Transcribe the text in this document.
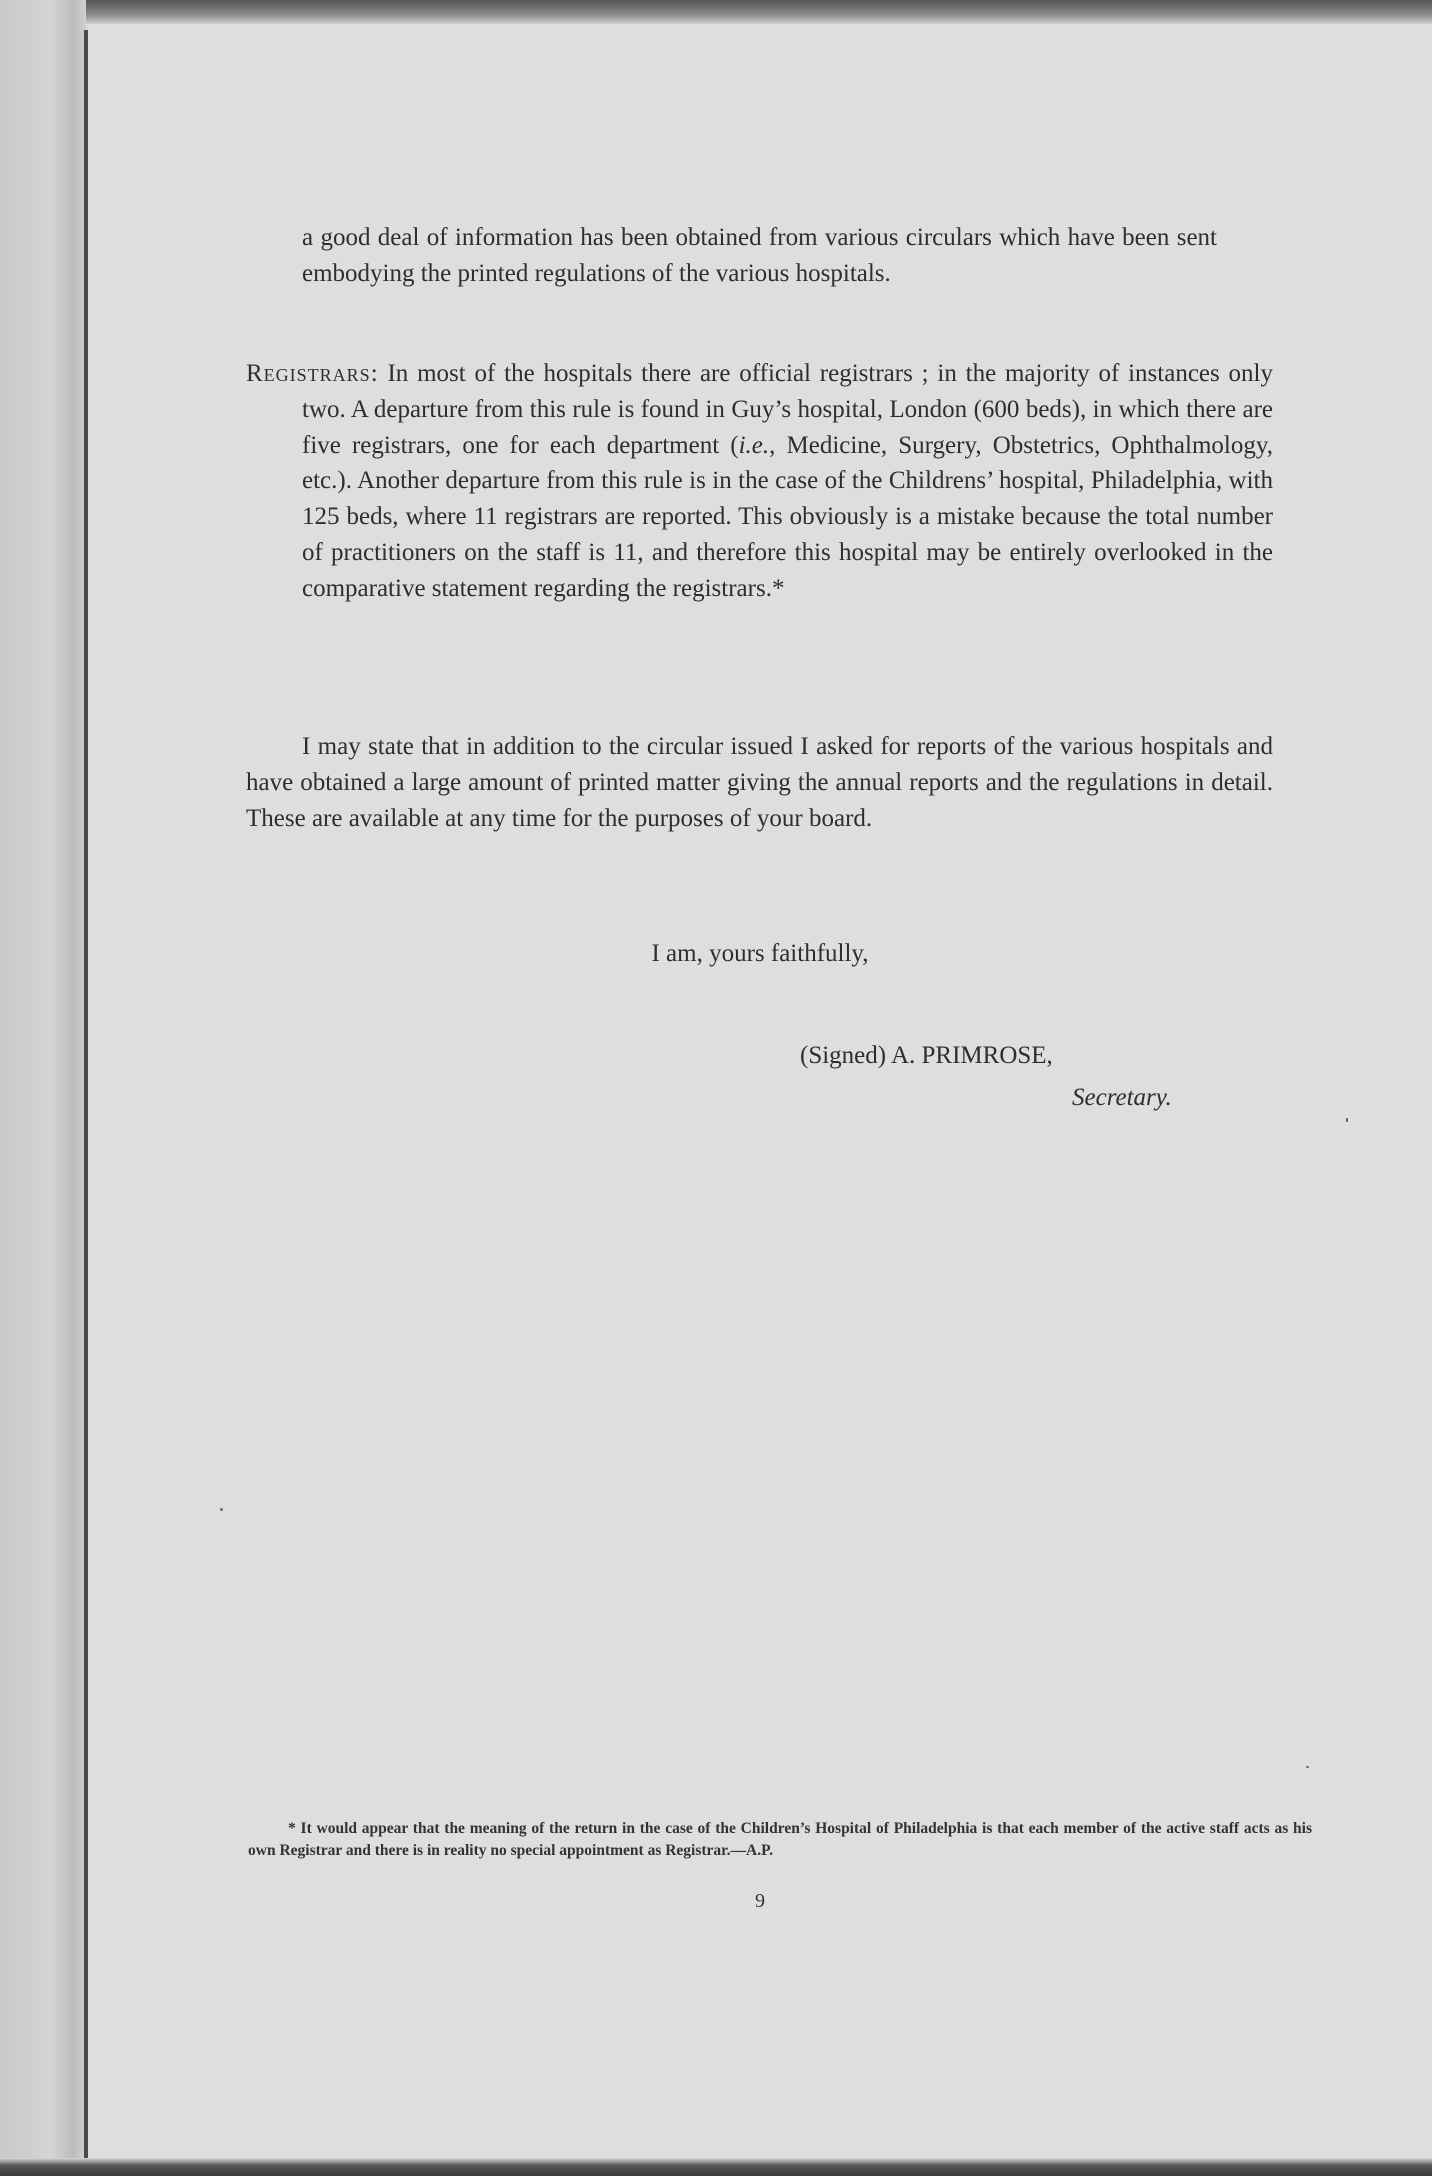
a good deal of information has been obtained from various circulars which have been sent embodying the printed regulations of the various hospitals.

Registrars: In most of the hospitals there are official registrars ; in the majority of instances only two. A departure from this rule is found in Guy’s hospital, London (600 beds), in which there are five registrars, one for each department (i.e., Medicine, Surgery, Obstetrics, Ophthalmology, etc.). Another departure from this rule is in the case of the Childrens’ hospital, Philadelphia, with 125 beds, where 11 registrars are reported. This obviously is a mistake because the total number of practitioners on the staff is 11, and therefore this hospital may be entirely overlooked in the comparative statement regarding the registrars.*

I may state that in addition to the circular issued I asked for reports of the various hospitals and have obtained a large amount of printed matter giving the annual reports and the regulations in detail. These are available at any time for the purposes of your board.

I am, yours faithfully,

(Signed) A. PRIMROSE,
Secretary.

* It would appear that the meaning of the return in the case of the Children’s Hospital of Philadelphia is that each member of the active staff acts as his own Registrar and there is in reality no special appointment as Registrar.—A.P.

9
